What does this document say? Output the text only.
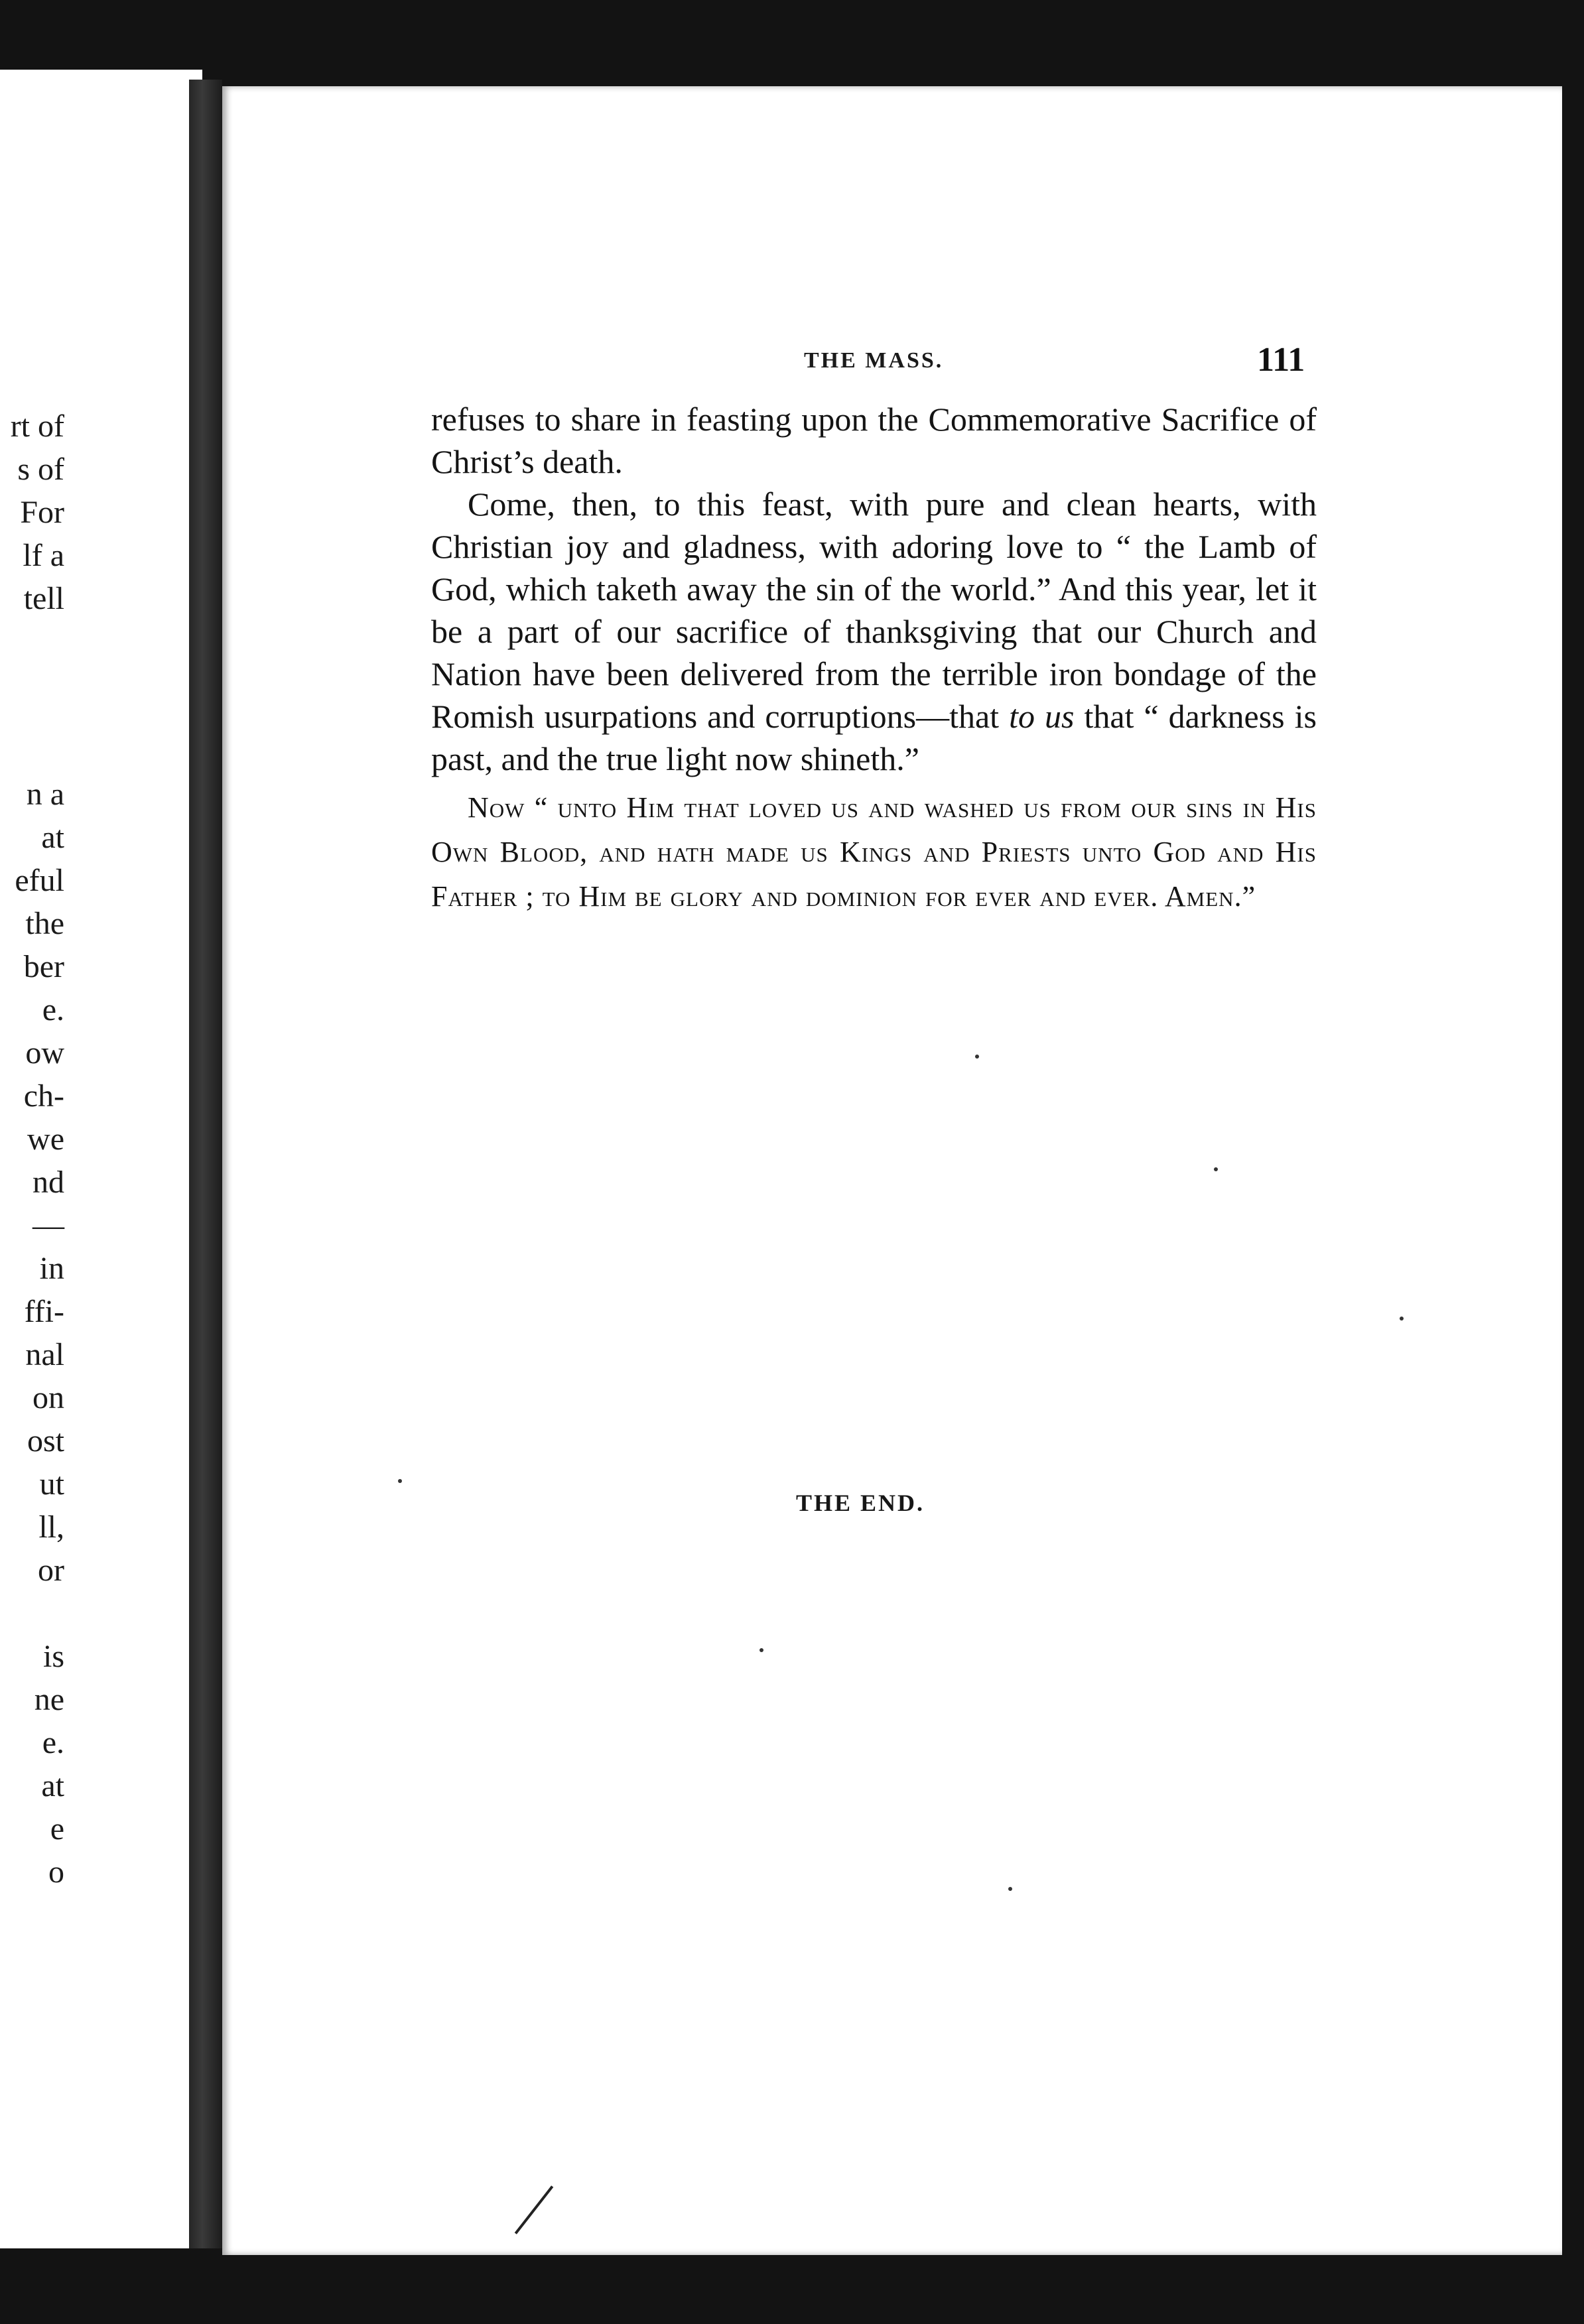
rt of
s of
For
lf a
tell
n a
at
eful
the
ber
e.
ow
ch-
we
nd
—
in
ffi-
nal
on
ost
ut
ll,
or
is
ne
e.
at
e
o
THE MASS.	111

refuses to share in feasting upon the Commemorative Sacrifice of Christ’s death.

Come, then, to this feast, with pure and clean hearts, with Christian joy and gladness, with adoring love to “ the Lamb of God, which taketh away the sin of the world.” And this year, let it be a part of our sacrifice of thanksgiving that our Church and Nation have been delivered from the terrible iron bondage of the Romish usurpations and corruptions—that to us that “ darkness is past, and the true light now shineth.”

Now “ unto Him that loved us and washed us from our sins in His Own Blood, and hath made us Kings and Priests unto God and His Father ; to Him be glory and dominion for ever and ever. Amen.”

THE END.
